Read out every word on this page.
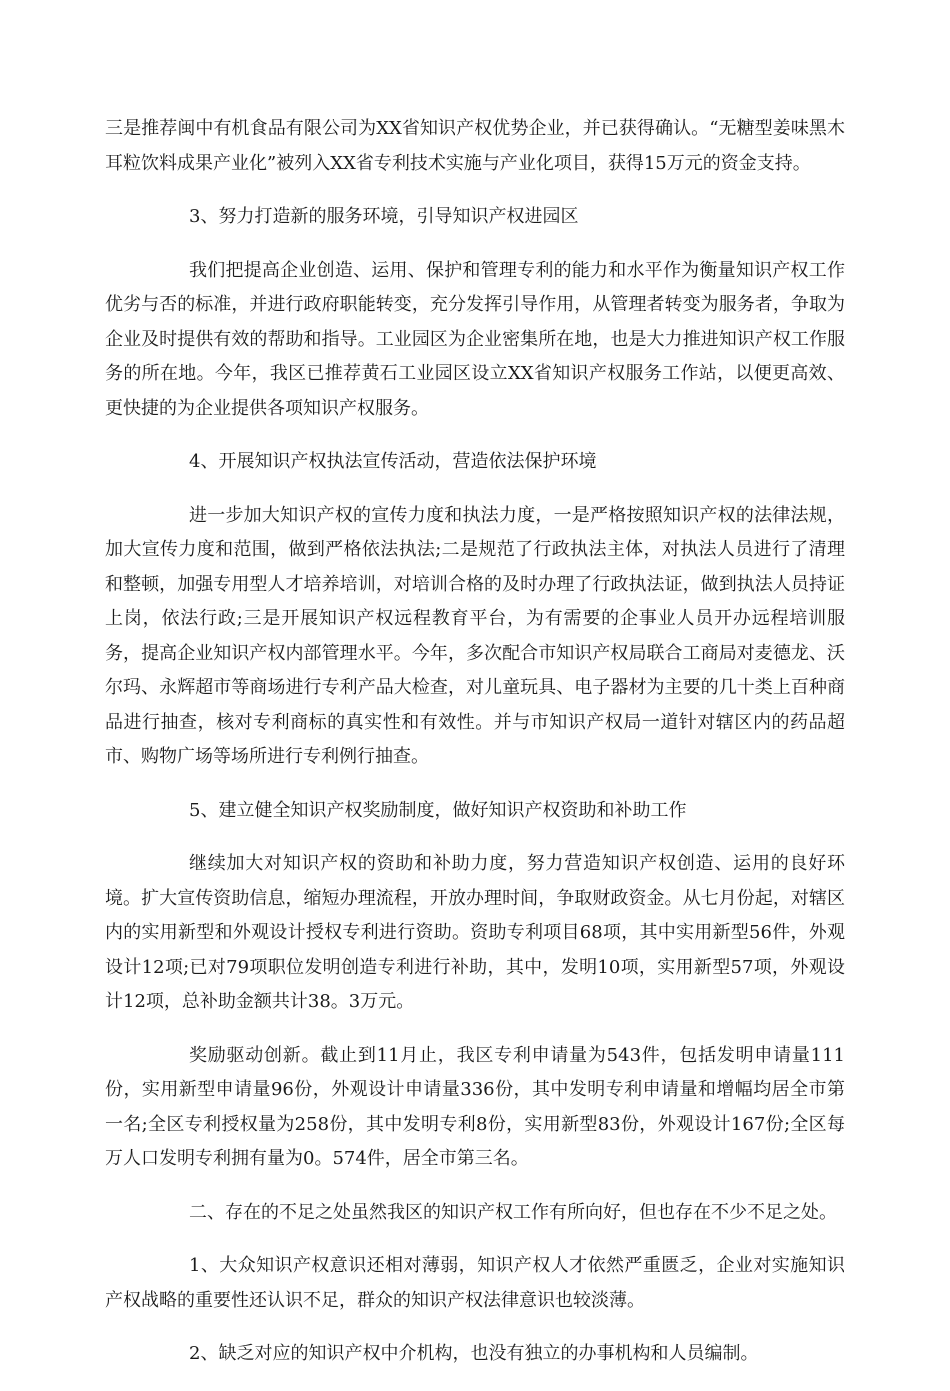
三是推荐闽中有机食品有限公司为XX省知识产权优势企业，并已获得确认。“无糖型姜味黑木耳粒饮料成果产业化”被列入XX省专利技术实施与产业化项目，获得15万元的资金支持。

3、努力打造新的服务环境，引导知识产权进园区

我们把提高企业创造、运用、保护和管理专利的能力和水平作为衡量知识产权工作优劣与否的标准，并进行政府职能转变，充分发挥引导作用，从管理者转变为服务者，争取为企业及时提供有效的帮助和指导。工业园区为企业密集所在地，也是大力推进知识产权工作服务的所在地。今年，我区已推荐黄石工业园区设立XX省知识产权服务工作站，以便更高效、更快捷的为企业提供各项知识产权服务。

4、开展知识产权执法宣传活动，营造依法保护环境

进一步加大知识产权的宣传力度和执法力度，一是严格按照知识产权的法律法规，加大宣传力度和范围，做到严格依法执法;二是规范了行政执法主体，对执法人员进行了清理和整顿，加强专用型人才培养培训，对培训合格的及时办理了行政执法证，做到执法人员持证上岗，依法行政;三是开展知识产权远程教育平台，为有需要的企事业人员开办远程培训服务，提高企业知识产权内部管理水平。今年，多次配合市知识产权局联合工商局对麦德龙、沃尔玛、永辉超市等商场进行专利产品大检查，对儿童玩具、电子器材为主要的几十类上百种商品进行抽查，核对专利商标的真实性和有效性。并与市知识产权局一道针对辖区内的药品超市、购物广场等场所进行专利例行抽查。

5、建立健全知识产权奖励制度，做好知识产权资助和补助工作

继续加大对知识产权的资助和补助力度，努力营造知识产权创造、运用的良好环境。扩大宣传资助信息，缩短办理流程，开放办理时间，争取财政资金。从七月份起，对辖区内的实用新型和外观设计授权专利进行资助。资助专利项目68项，其中实用新型56件，外观设计12项;已对79项职位发明创造专利进行补助，其中，发明10项，实用新型57项，外观设计12项，总补助金额共计38。3万元。

奖励驱动创新。截止到11月止，我区专利申请量为543件，包括发明申请量111份，实用新型申请量96份，外观设计申请量336份，其中发明专利申请量和增幅均居全市第一名;全区专利授权量为258份，其中发明专利8份，实用新型83份，外观设计167份;全区每万人口发明专利拥有量为0。574件，居全市第三名。

二、存在的不足之处虽然我区的知识产权工作有所向好，但也存在不少不足之处。

1、大众知识产权意识还相对薄弱，知识产权人才依然严重匮乏，企业对实施知识产权战略的重要性还认识不足，群众的知识产权法律意识也较淡薄。

2、缺乏对应的知识产权中介机构，也没有独立的办事机构和人员编制。
